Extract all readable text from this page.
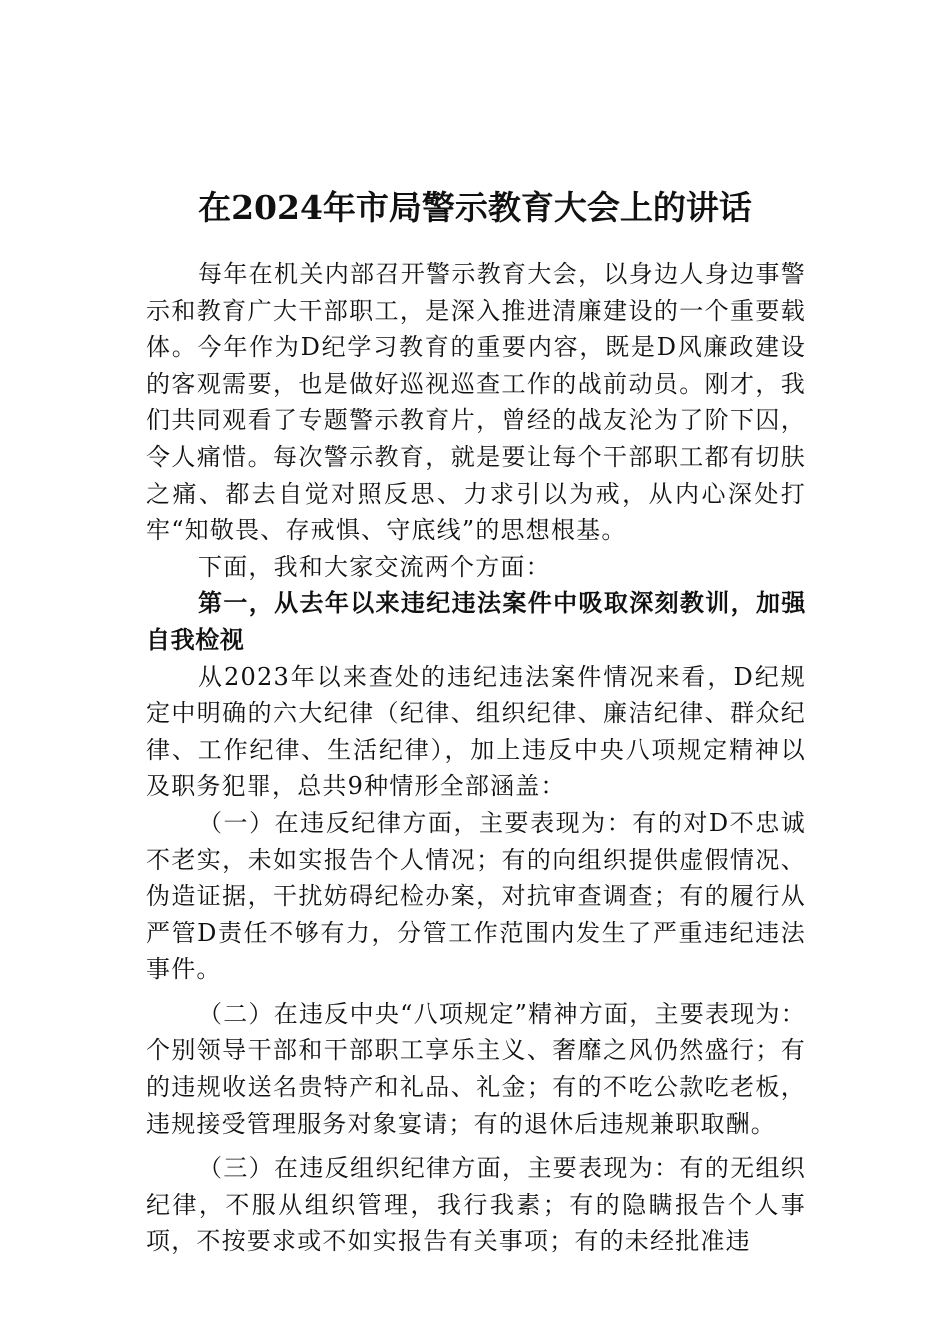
在2024年市局警示教育大会上的讲话

每年在机关内部召开警示教育大会，以身边人身边事警示和教育广大干部职工，是深入推进清廉建设的一个重要载体。今年作为D纪学习教育的重要内容，既是D风廉政建设的客观需要，也是做好巡视巡查工作的战前动员。刚才，我们共同观看了专题警示教育片，曾经的战友沦为了阶下囚，令人痛惜。每次警示教育，就是要让每个干部职工都有切肤之痛、都去自觉对照反思、力求引以为戒，从内心深处打牢“知敬畏、存戒惧、守底线”的思想根基。

下面，我和大家交流两个方面：

第一，从去年以来违纪违法案件中吸取深刻教训，加强自我检视

从2023年以来查处的违纪违法案件情况来看，D纪规定中明确的六大纪律（纪律、组织纪律、廉洁纪律、群众纪律、工作纪律、生活纪律），加上违反中央八项规定精神以及职务犯罪，总共9种情形全部涵盖：

（一）在违反纪律方面，主要表现为：有的对D不忠诚不老实，未如实报告个人情况；有的向组织提供虚假情况、伪造证据，干扰妨碍纪检办案，对抗审查调查；有的履行从严管D责任不够有力，分管工作范围内发生了严重违纪违法事件。

（二）在违反中央“八项规定”精神方面，主要表现为：个别领导干部和干部职工享乐主义、奢靡之风仍然盛行；有的违规收送名贵特产和礼品、礼金；有的不吃公款吃老板，违规接受管理服务对象宴请；有的退休后违规兼职取酬。

（三）在违反组织纪律方面，主要表现为：有的无组织纪律，不服从组织管理，我行我素；有的隐瞒报告个人事项，不按要求或不如实报告有关事项；有的未经批准违
